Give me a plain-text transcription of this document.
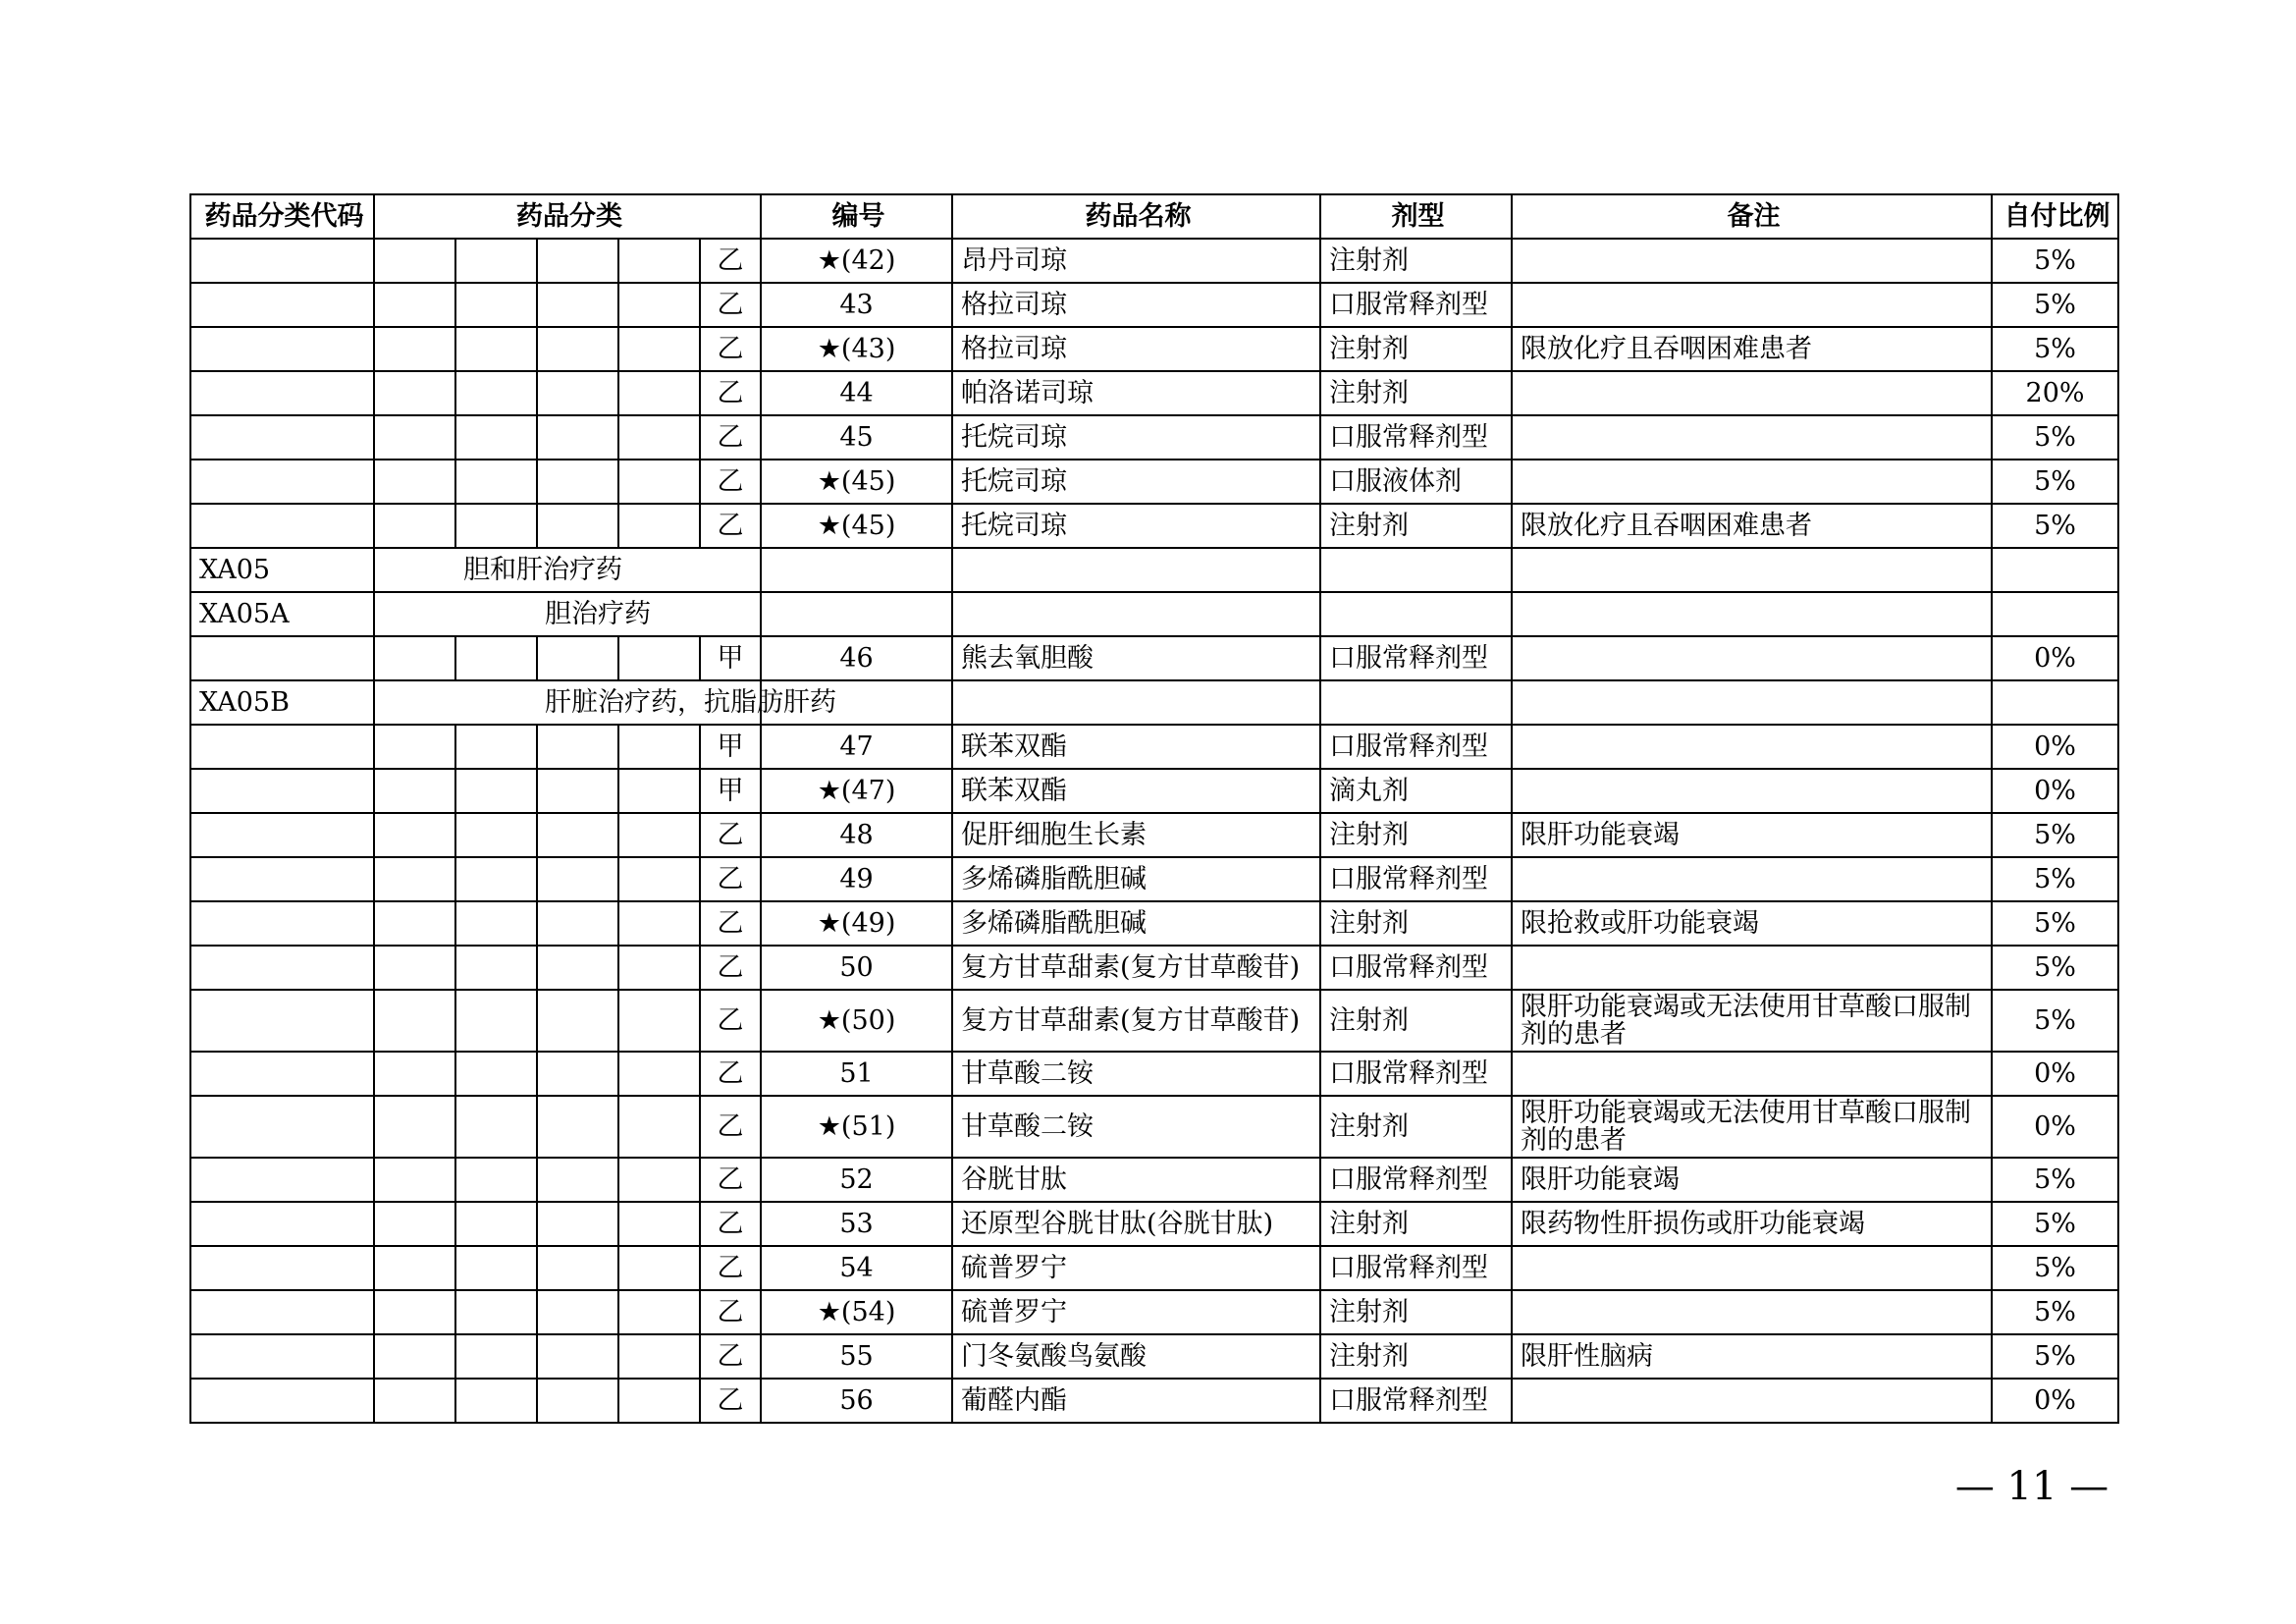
药品分类代码	药品分类					编号	药品名称	剂型	备注	自付比例
					乙	★(42)	昂丹司琼	注射剂		5%
					乙	43	格拉司琼	口服常释剂型		5%
					乙	★(43)	格拉司琼	注射剂	限放化疗且吞咽困难患者	5%
					乙	44	帕洛诺司琼	注射剂		20%
					乙	45	托烷司琼	口服常释剂型		5%
					乙	★(45)	托烷司琼	口服液体剂		5%
					乙	★(45)	托烷司琼	注射剂	限放化疗且吞咽困难患者	5%
XA05		胆和肝治疗药								
XA05A			胆治疗药							
					甲	46	熊去氧胆酸	口服常释剂型		0%
XA05B			肝脏治疗药，抗脂肪肝药							
					甲	47	联苯双酯	口服常释剂型		0%
					甲	★(47)	联苯双酯	滴丸剂		0%
					乙	48	促肝细胞生长素	注射剂	限肝功能衰竭	5%
					乙	49	多烯磷脂酰胆碱	口服常释剂型		5%
					乙	★(49)	多烯磷脂酰胆碱	注射剂	限抢救或肝功能衰竭	5%
					乙	50	复方甘草甜素(复方甘草酸苷)	口服常释剂型		5%
					乙	★(50)	复方甘草甜素(复方甘草酸苷)	注射剂	限肝功能衰竭或无法使用甘草酸口服制剂的患者	5%
					乙	51	甘草酸二铵	口服常释剂型		0%
					乙	★(51)	甘草酸二铵	注射剂	限肝功能衰竭或无法使用甘草酸口服制剂的患者	0%
					乙	52	谷胱甘肽	口服常释剂型	限肝功能衰竭	5%
					乙	53	还原型谷胱甘肽(谷胱甘肽)	注射剂	限药物性肝损伤或肝功能衰竭	5%
					乙	54	硫普罗宁	口服常释剂型		5%
					乙	★(54)	硫普罗宁	注射剂		5%
					乙	55	门冬氨酸鸟氨酸	注射剂	限肝性脑病	5%
					乙	56	葡醛内酯	口服常释剂型		0%
— 11 —
